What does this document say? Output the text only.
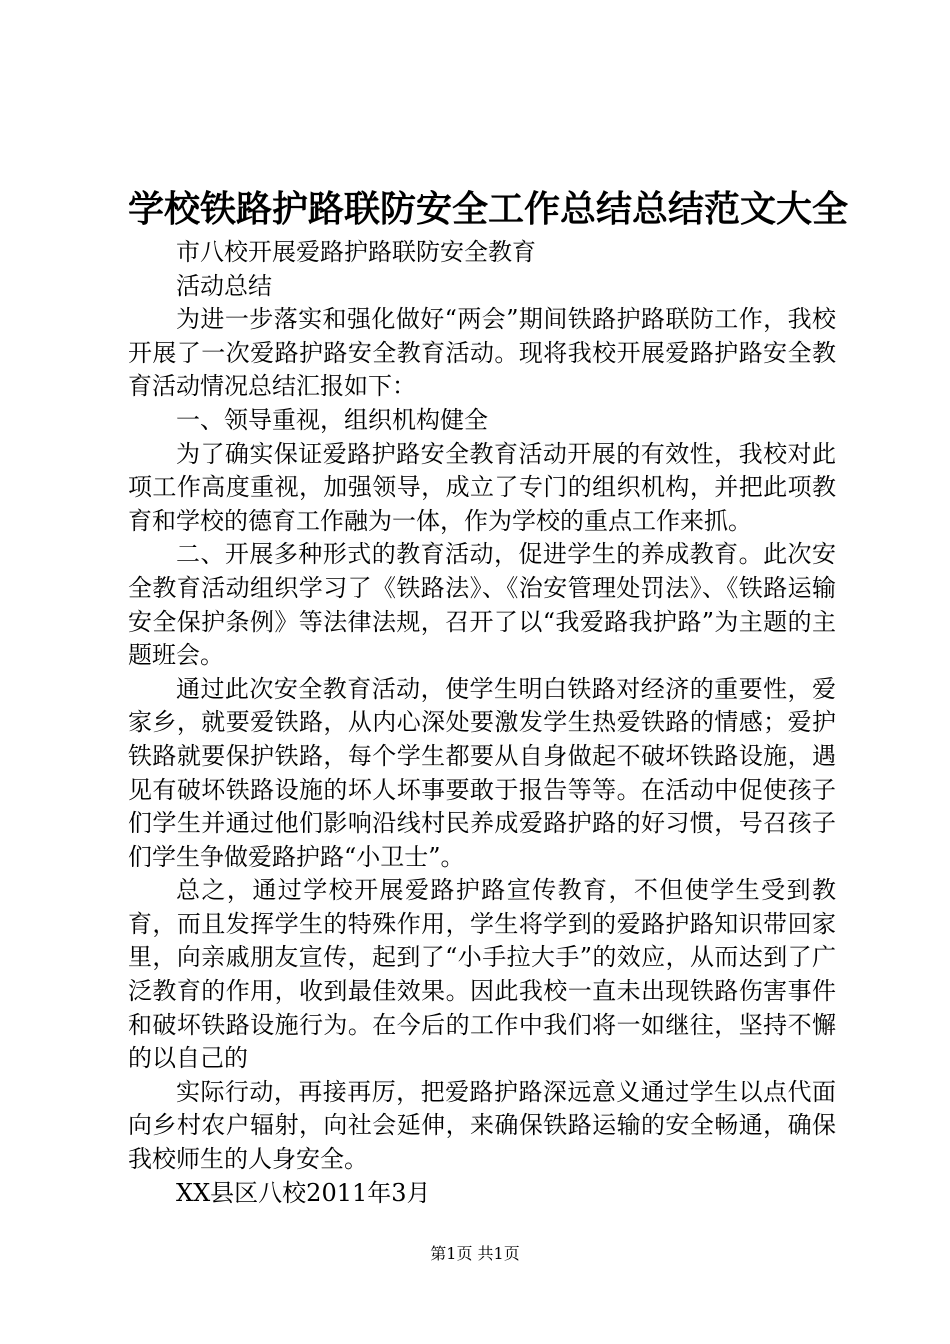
学校铁路护路联防安全工作总结总结范文大全

市八校开展爱路护路联防安全教育

活动总结

为进一步落实和强化做好“两会”期间铁路护路联防工作，我校开展了一次爱路护路安全教育活动。现将我校开展爱路护路安全教育活动情况总结汇报如下：

一、领导重视，组织机构健全

为了确实保证爱路护路安全教育活动开展的有效性，我校对此项工作高度重视，加强领导，成立了专门的组织机构，并把此项教育和学校的德育工作融为一体，作为学校的重点工作来抓。

二、开展多种形式的教育活动，促进学生的养成教育。此次安全教育活动组织学习了《铁路法》、《治安管理处罚法》、《铁路运输安全保护条例》等法律法规，召开了以“我爱路我护路”为主题的主题班会。

通过此次安全教育活动，使学生明白铁路对经济的重要性，爱家乡，就要爱铁路，从内心深处要激发学生热爱铁路的情感；爱护铁路就要保护铁路，每个学生都要从自身做起不破坏铁路设施，遇见有破坏铁路设施的坏人坏事要敢于报告等等。在活动中促使孩子们学生并通过他们影响沿线村民养成爱路护路的好习惯，号召孩子们学生争做爱路护路“小卫士”。

总之，通过学校开展爱路护路宣传教育，不但使学生受到教育，而且发挥学生的特殊作用，学生将学到的爱路护路知识带回家里，向亲戚朋友宣传，起到了“小手拉大手”的效应，从而达到了广泛教育的作用，收到最佳效果。因此我校一直未出现铁路伤害事件和破坏铁路设施行为。在今后的工作中我们将一如继往，坚持不懈的以自己的

实际行动，再接再厉，把爱路护路深远意义通过学生以点代面向乡村农户辐射，向社会延伸，来确保铁路运输的安全畅通，确保我校师生的人身安全。

XX县区八校2011年3月

第1页 共1页
